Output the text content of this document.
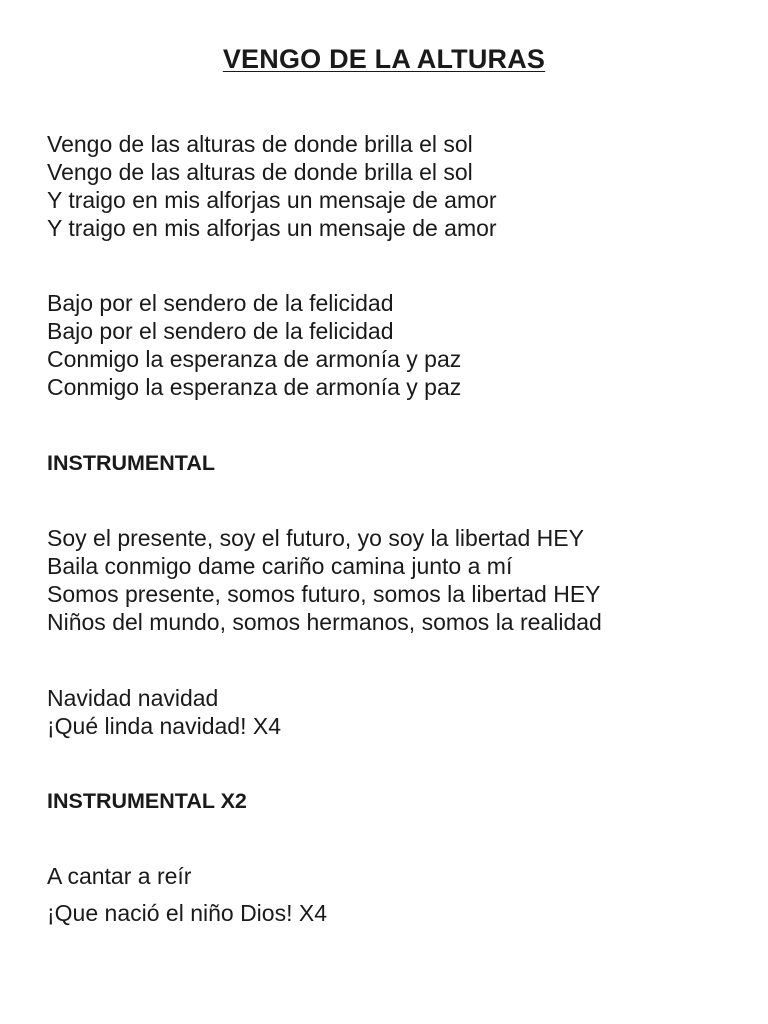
VENGO DE LA ALTURAS
Vengo de las alturas de donde brilla el sol
Vengo de las alturas de donde brilla el sol
Y traigo en mis alforjas un mensaje de amor
Y traigo en mis alforjas un mensaje de amor
Bajo por el sendero de la felicidad
Bajo por el sendero de la felicidad
Conmigo la esperanza de armonía y paz
Conmigo la esperanza de armonía y paz
INSTRUMENTAL
Soy el presente, soy el futuro, yo soy la libertad HEY
Baila conmigo dame cariño camina junto a mí
Somos presente, somos futuro, somos la libertad HEY
Niños del mundo, somos hermanos, somos la realidad
Navidad navidad
¡Qué linda navidad! X4
INSTRUMENTAL X2
A cantar a reír
¡Que nació el niño Dios! X4
